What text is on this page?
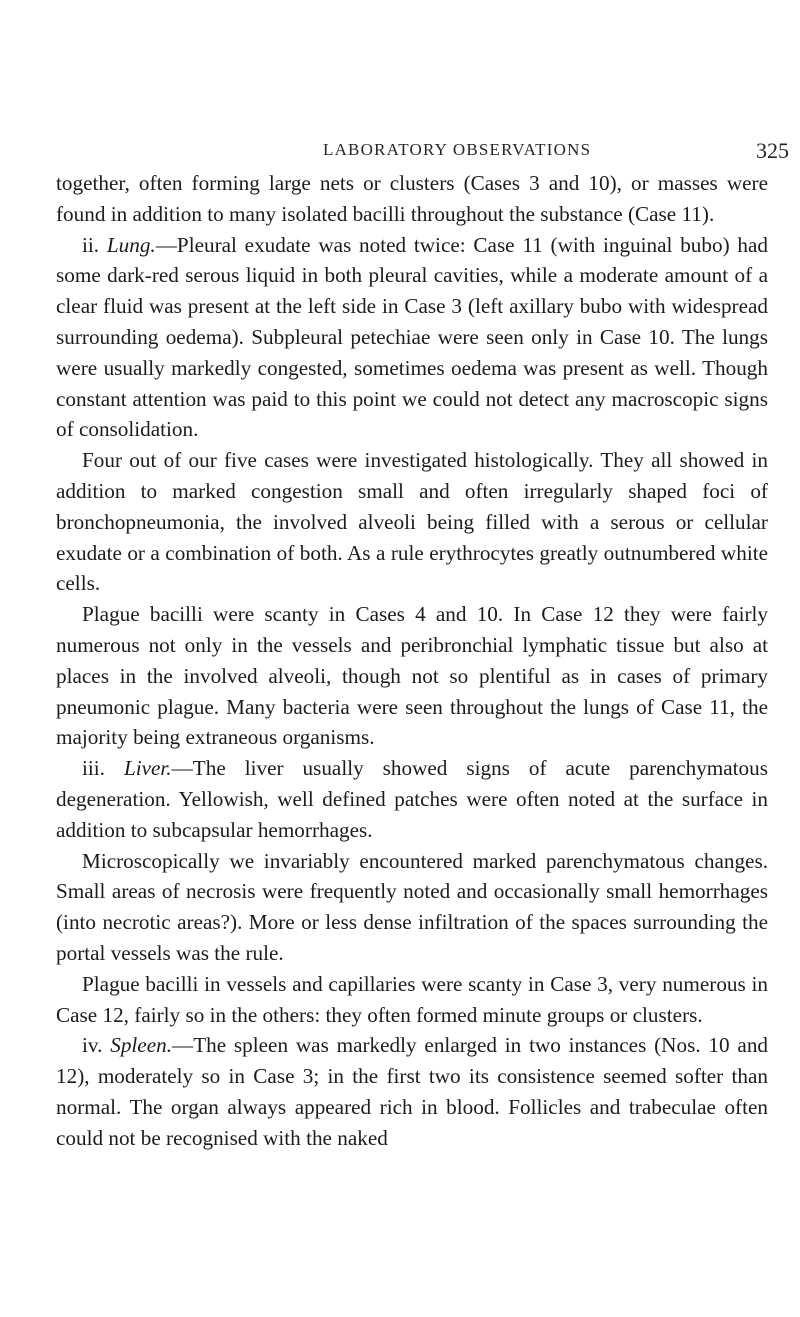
LABORATORY OBSERVATIONS	325

together, often forming large nets or clusters (Cases 3 and 10), or masses were found in addition to many isolated bacilli throughout the substance (Case 11).

ii. Lung.—Pleural exudate was noted twice: Case 11 (with inguinal bubo) had some dark-red serous liquid in both pleural cavities, while a moderate amount of a clear fluid was present at the left side in Case 3 (left axillary bubo with widespread surrounding oedema). Subpleural petechiae were seen only in Case 10. The lungs were usually markedly congested, sometimes oedema was present as well. Though constant attention was paid to this point we could not detect any macroscopic signs of consolidation.

Four out of our five cases were investigated histologically. They all showed in addition to marked congestion small and often irregularly shaped foci of bronchopneumonia, the involved alveoli being filled with a serous or cellular exudate or a combination of both. As a rule erythrocytes greatly outnumbered white cells.

Plague bacilli were scanty in Cases 4 and 10. In Case 12 they were fairly numerous not only in the vessels and peribronchial lymphatic tissue but also at places in the involved alveoli, though not so plentiful as in cases of primary pneumonic plague. Many bacteria were seen throughout the lungs of Case 11, the majority being extraneous organisms.

iii. Liver.—The liver usually showed signs of acute parenchymatous degeneration. Yellowish, well defined patches were often noted at the surface in addition to subcapsular hemorrhages.

Microscopically we invariably encountered marked parenchymatous changes. Small areas of necrosis were frequently noted and occasionally small hemorrhages (into necrotic areas?). More or less dense infiltration of the spaces surrounding the portal vessels was the rule.

Plague bacilli in vessels and capillaries were scanty in Case 3, very numerous in Case 12, fairly so in the others: they often formed minute groups or clusters.

iv. Spleen.—The spleen was markedly enlarged in two instances (Nos. 10 and 12), moderately so in Case 3; in the first two its consistence seemed softer than normal. The organ always appeared rich in blood. Follicles and trabeculae often could not be recognised with the naked
